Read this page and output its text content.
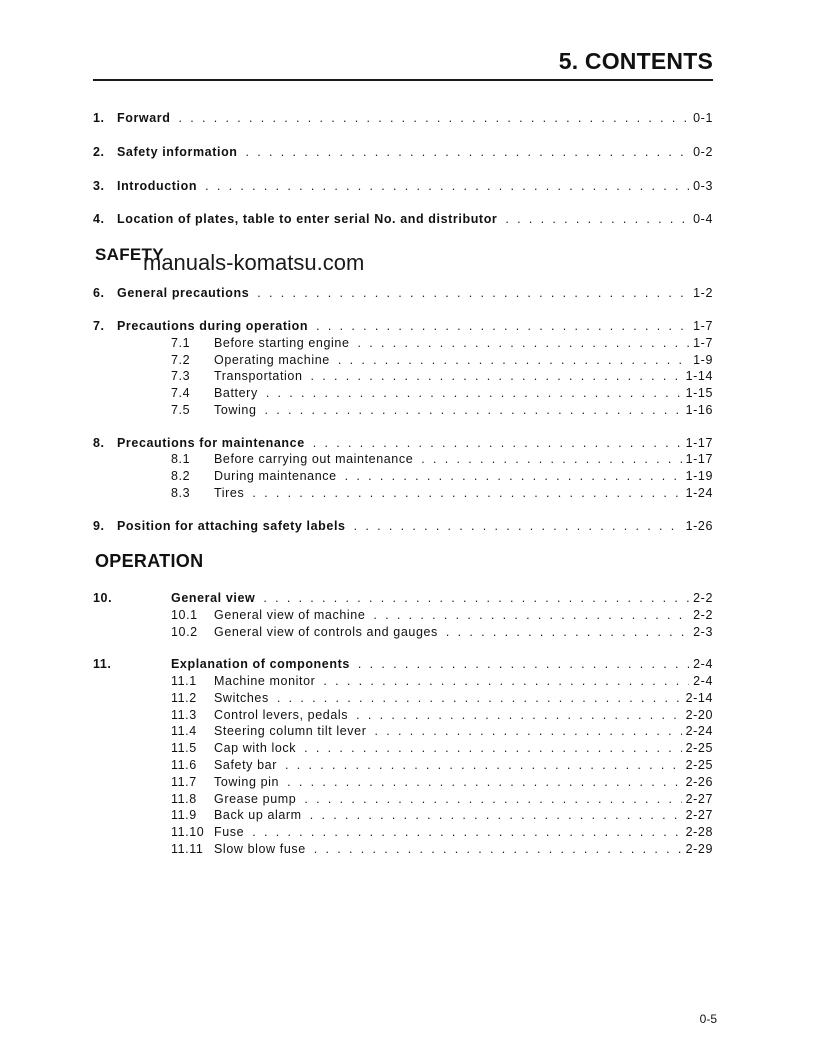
5. CONTENTS
1. Forward . . .	0-1
2. Safety information . . .	0-2
3. Introduction . . .	0-3
4. Location of plates, table to enter serial No. and distributor . . .	0-4
SAFETY
manuals-komatsu.com
6. General precautions . . .	1-2
7. Precautions during operation . . .	1-7
7.1	Before starting engine . . .	1-7
7.2	Operating machine . . .	1-9
7.3	Transportation . . .	1-14
7.4	Battery . . .	1-15
7.5	Towing . . .	1-16
8. Precautions for maintenance . . .	1-17
8.1	Before carrying out maintenance . . .	1-17
8.2	During maintenance . . .	1-19
8.3	Tires . . .	1-24
9. Position for attaching safety labels . . .	1-26
OPERATION
10.	General view . . .	2-2
10.1	General view of machine . . .	2-2
10.2	General view of controls and gauges . . .	2-3
11.	Explanation of components . . .	2-4
11.1	Machine monitor . . .	2-4
11.2	Switches . . .	2-14
11.3	Control levers, pedals . . .	2-20
11.4	Steering column tilt lever . . .	2-24
11.5	Cap with lock . . .	2-25
11.6	Safety bar . . .	2-25
11.7	Towing pin . . .	2-26
11.8	Grease pump . . .	2-27
11.9	Back up alarm . . .	2-27
11.10 Fuse . . .	2-28
11.11 Slow blow fuse . . .	2-29
0-5
